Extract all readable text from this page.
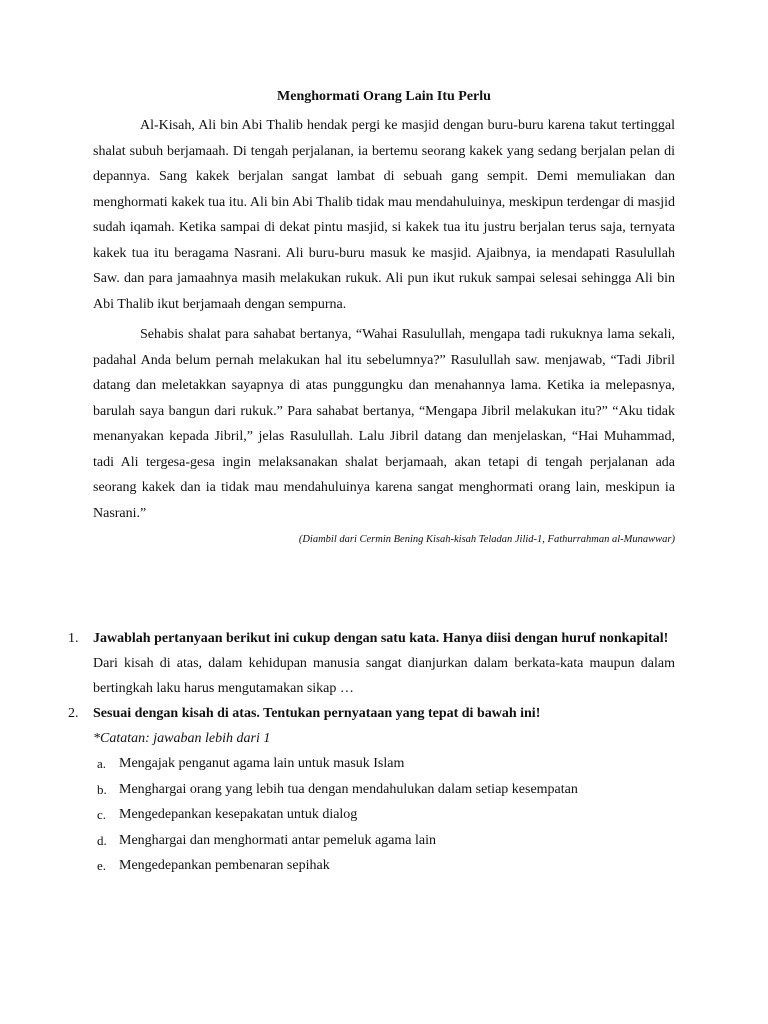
Menghormati Orang Lain Itu Perlu

Al-Kisah, Ali bin Abi Thalib hendak pergi ke masjid dengan buru-buru karena takut tertinggal shalat subuh berjamaah. Di tengah perjalanan, ia bertemu seorang kakek yang sedang berjalan pelan di depannya. Sang kakek berjalan sangat lambat di sebuah gang sempit. Demi memuliakan dan menghormati kakek tua itu. Ali bin Abi Thalib tidak mau mendahuluinya, meskipun terdengar di masjid sudah iqamah. Ketika sampai di dekat pintu masjid, si kakek tua itu justru berjalan terus saja, ternyata kakek tua itu beragama Nasrani. Ali buru-buru masuk ke masjid. Ajaibnya, ia mendapati Rasulullah Saw. dan para jamaahnya masih melakukan rukuk. Ali pun ikut rukuk sampai selesai sehingga Ali bin Abi Thalib ikut berjamaah dengan sempurna.

Sehabis shalat para sahabat bertanya, “Wahai Rasulullah, mengapa tadi rukuknya lama sekali, padahal Anda belum pernah melakukan hal itu sebelumnya?” Rasulullah saw. menjawab, “Tadi Jibril datang dan meletakkan sayapnya di atas punggungku dan menahannya lama. Ketika ia melepasnya, barulah saya bangun dari rukuk.” Para sahabat bertanya, “Mengapa Jibril melakukan itu?” “Aku tidak menanyakan kepada Jibril,” jelas Rasulullah. Lalu Jibril datang dan menjelaskan, “Hai Muhammad, tadi Ali tergesa-gesa ingin melaksanakan shalat berjamaah, akan tetapi di tengah perjalanan ada seorang kakek dan ia tidak mau mendahuluinya karena sangat menghormati orang lain, meskipun ia Nasrani.”

(Diambil dari Cermin Bening Kisah-kisah Teladan Jilid-1, Fathurrahman al-Munawwar)
1. Jawablah pertanyaan berikut ini cukup dengan satu kata. Hanya diisi dengan huruf nonkapital!
Dari kisah di atas, dalam kehidupan manusia sangat dianjurkan dalam berkata-kata maupun dalam bertingkah laku harus mengutamakan sikap …
2. Sesuai dengan kisah di atas. Tentukan pernyataan yang tepat di bawah ini!
*Catatan: jawaban lebih dari 1
a. Mengajak penganut agama lain untuk masuk Islam
b. Menghargai orang yang lebih tua dengan mendahulukan dalam setiap kesempatan
c. Mengedepankan kesepakatan untuk dialog
d. Menghargai dan menghormati antar pemeluk agama lain
e. Mengedepankan pembenaran sepihak
